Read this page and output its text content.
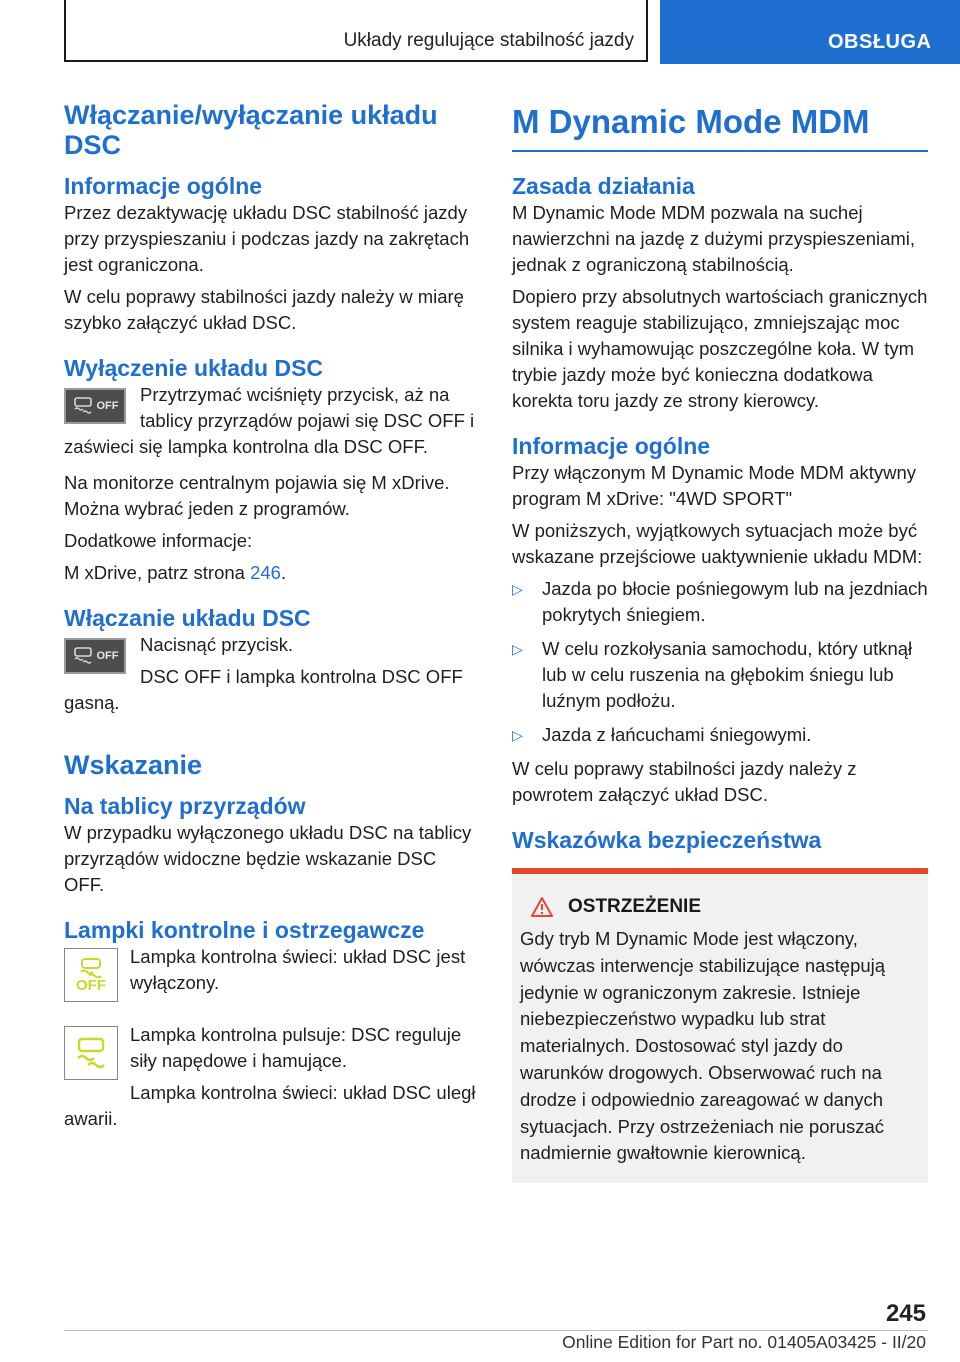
Układy regulujące stabilność jazdy	OBSŁUGA
Włączanie/wyłączanie układu DSC
Informacje ogólne

Przez dezaktywację układu DSC stabilność jazdy przy przyspieszaniu i podczas jazdy na zakrętach jest ograniczona.

W celu poprawy stabilności jazdy należy w miarę szybko załączyć układ DSC.

Wyłączenie układu DSC
OFF

Przytrzymać wciśnięty przycisk, aż na tablicy przyrządów pojawi się DSC OFF i zaświeci się lampka kontrolna dla DSC OFF.

Na monitorze centralnym pojawia się M xDrive. Można wybrać jeden z programów.

Dodatkowe informacje:

M xDrive, patrz strona 246.

Włączanie układu DSC
OFF

Nacisnąć przycisk.

DSC OFF i lampka kontrolna DSC OFF gasną.

Wskazanie
Na tablicy przyrządów

W przypadku wyłączonego układu DSC na tablicy przyrządów widoczne będzie wskazanie DSC OFF.

Lampki kontrolne i ostrzegawcze
OFF

Lampka kontrolna świeci: układ DSC jest wyłączony.

Lampka kontrolna pulsuje: DSC reguluje siły napędowe i hamujące.

Lampka kontrolna świeci: układ DSC uległ awarii.

M Dynamic Mode MDM
Zasada działania

M Dynamic Mode MDM pozwala na suchej nawierzchni na jazdę z dużymi przyspieszeniami, jednak z ograniczoną stabilnością.

Dopiero przy absolutnych wartościach granicznych system reaguje stabilizująco, zmniejszając moc silnika i wyhamowując poszczególne koła. W tym trybie jazdy może być konieczna dodatkowa korekta toru jazdy ze strony kierowcy.

Informacje ogólne

Przy włączonym M Dynamic Mode MDM aktywny program M xDrive: "4WD SPORT"

W poniższych, wyjątkowych sytuacjach może być wskazane przejściowe uaktywnienie układu MDM:

▷ Jazda po błocie pośniegowym lub na jezdniach pokrytych śniegiem.
▷ W celu rozkołysania samochodu, który utknął lub w celu ruszenia na głębokim śniegu lub luźnym podłożu.
▷ Jazda z łańcuchami śniegowymi.

W celu poprawy stabilności jazdy należy z powrotem załączyć układ DSC.

Wskazówka bezpieczeństwa
OSTRZEŻENIE

Gdy tryb M Dynamic Mode jest włączony, wówczas interwencje stabilizujące następują jedynie w ograniczonym zakresie. Istnieje niebezpieczeństwo wypadku lub strat materialnych. Dostosować styl jazdy do warunków drogowych. Obserwować ruch na drodze i odpowiednio zareagować w danych sytuacjach. Przy ostrzeżeniach nie poruszać nadmiernie gwałtownie kierownicą.

245
Online Edition for Part no. 01405A03425 - II/20
